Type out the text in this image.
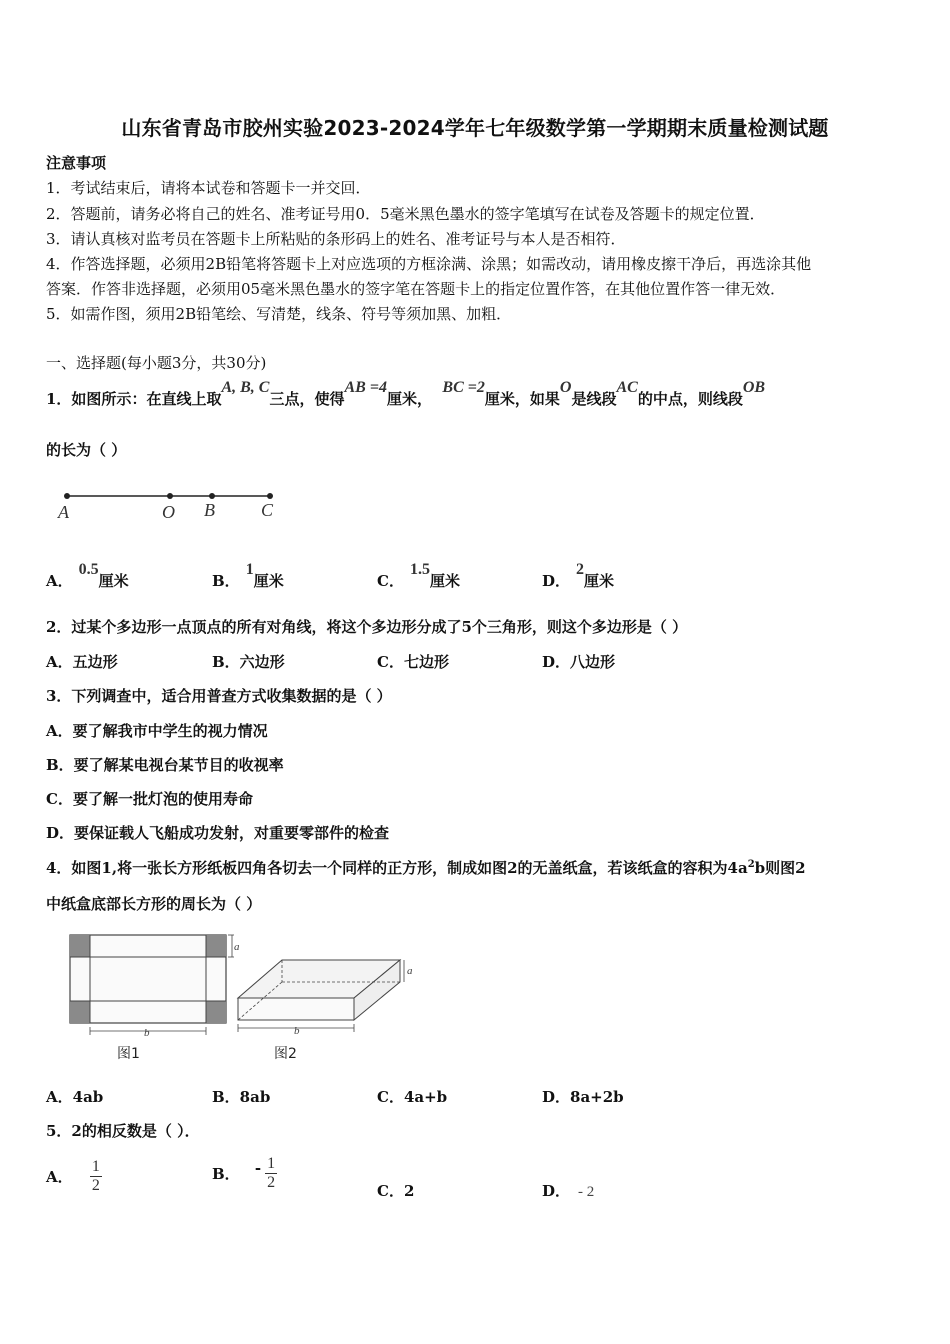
山东省青岛市胶州实验2023-2024学年七年级数学第一学期期末质量检测试题
注意事项
1．考试结束后，请将本试卷和答题卡一并交回．
2．答题前，请务必将自己的姓名、准考证号用0．5毫米黑色墨水的签字笔填写在试卷及答题卡的规定位置．
3．请认真核对监考员在答题卡上所粘贴的条形码上的姓名、准考证号与本人是否相符．
4．作答选择题，必须用2B铅笔将答题卡上对应选项的方框涂满、涂黑；如需改动，请用橡皮擦干净后，再选涂其他
答案．作答非选择题，必须用05毫米黑色墨水的签字笔在答题卡上的指定位置作答，在其他位置作答一律无效．
5．如需作图，须用2B铅笔绘、写清楚，线条、符号等须加黑、加粗．
一、选择题(每小题3分，共30分)
1．如图所示：在直线上取A, B, C三点，使得AB =4厘米，  BC =2厘米，如果O是线段AC的中点，则线段OB
的长为（ ）
A	O B	C
A．0.5厘米	B．1厘米	C．1.5厘米	D．2厘米
2．过某个多边形一点顶点的所有对角线，将这个多边形分成了5个三角形，则这个多边形是（ ）
A．五边形	B．六边形	C．七边形	D．八边形
3．下列调查中，适合用普查方式收集数据的是（ ）
A．要了解我市中学生的视力情况
B．要了解某电视台某节目的收视率
C．要了解一批灯泡的使用寿命
D．要保证载人飞船成功发射，对重要零部件的检查
4．如图1,将一张长方形纸板四角各切去一个同样的正方形，制成如图2的无盖纸盒，若该纸盒的容积为$4a^2b$则图2
中纸盒底部长方形的周长为（ ）
a
b
图1
a
b
图2
A．4ab	B．8ab	C．4a+b	D．8a+2b
5．2的相反数是（ ）．
A． $\frac{1}{2}$	B． - $\frac{1}{2}$	C．2	D． - 2
